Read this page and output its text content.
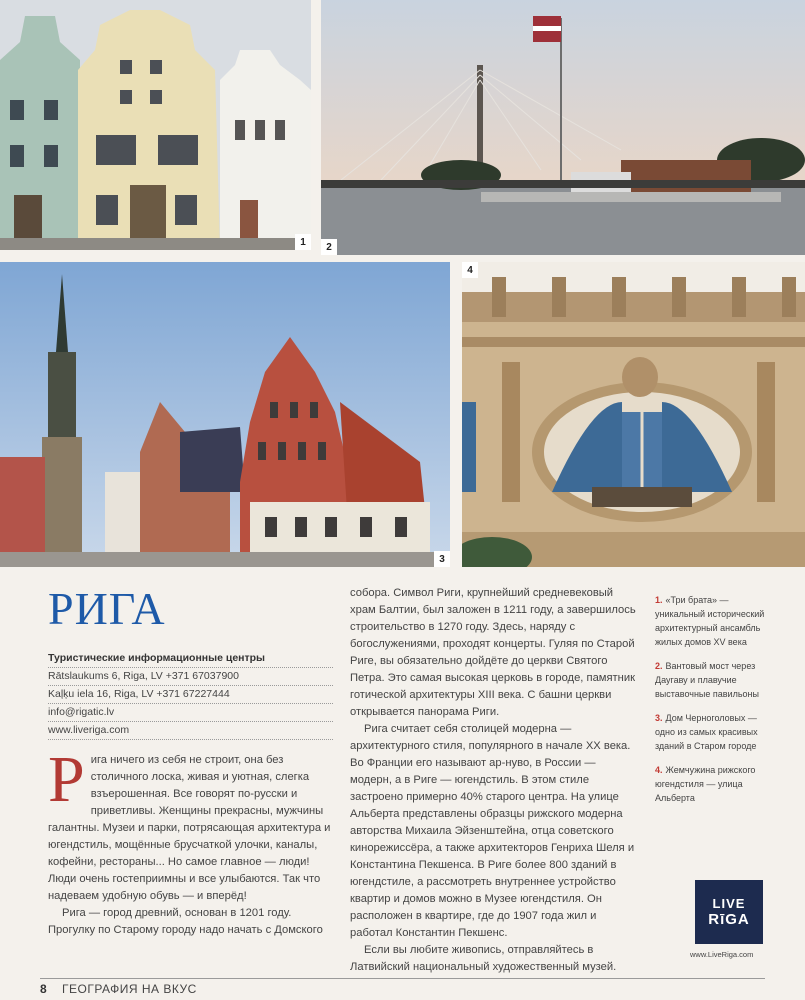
1	2
3
4
РИГА
Туристические информационные центры
Rātslaukums 6, Riga, LV +371 67037900
Kaļķu iela 16, Riga, LV +371 67227444
info@rigatic.lv
www.liveriga.com

Рига ничего из себя не строит, она без столичного лоска, живая и уютная, слегка взъерошенная. Все говорят по-русски и приветливы. Женщины прекрасны, мужчины галантны. Музеи и парки, потрясающая архитектура и югендстиль, мощённые брусчаткой улочки, каналы, кофейни, рестораны... Но самое главное — люди! Люди очень гостеприимны и все улыбаются. Так что надеваем удобную обувь — и вперёд!

Рига — город древний, основан в 1201 году. Прогулку по Старому городу надо начать с Домского

собора. Символ Риги, крупнейший средневековый храм Балтии, был заложен в 1211 году, а завершилось строительство в 1270 году. Здесь, наряду с богослужениями, проходят концерты. Гуляя по Старой Риге, вы обязательно дойдёте до церкви Святого Петра. Это самая высокая церковь в городе, памятник готической архитектуры XIII века. С башни церкви открывается панорама Риги.

Рига считает себя столицей модерна — архитектурного стиля, популярного в начале XX века. Во Франции его называют ар-нуво, в России — модерн, а в Риге — югендстиль. В этом стиле застроено примерно 40% старого центра. На улице Альберта представлены образцы рижского модерна авторства Михаила Эйзенштейна, отца советского кинорежиссёра, а также архитекторов Генриха Шеля и Константина Пекшенса. В Риге более 800 зданий в югендстиле, а рассмотреть внутреннее устройство квартир и домов можно в Музее югендстиля. Он расположен в квартире, где до 1907 года жил и работал Константин Пекшенс.

Если вы любите живопись, отправляйтесь в Латвийский национальный художественный музей.

1. «Три брата» — уникальный исторический архитектурный ансамбль жилых домов XV века
2. Вантовый мост через Даугаву и плавучие выставочные павильоны
3. Дом Черноголовых — одно из самых красивых зданий в Старом городе
4. Жемчужина рижского югендстиля — улица Альберта
LIVE
RīGA
www.LiveRiga.com
8 ГЕОГРАФИЯ НА ВКУС
